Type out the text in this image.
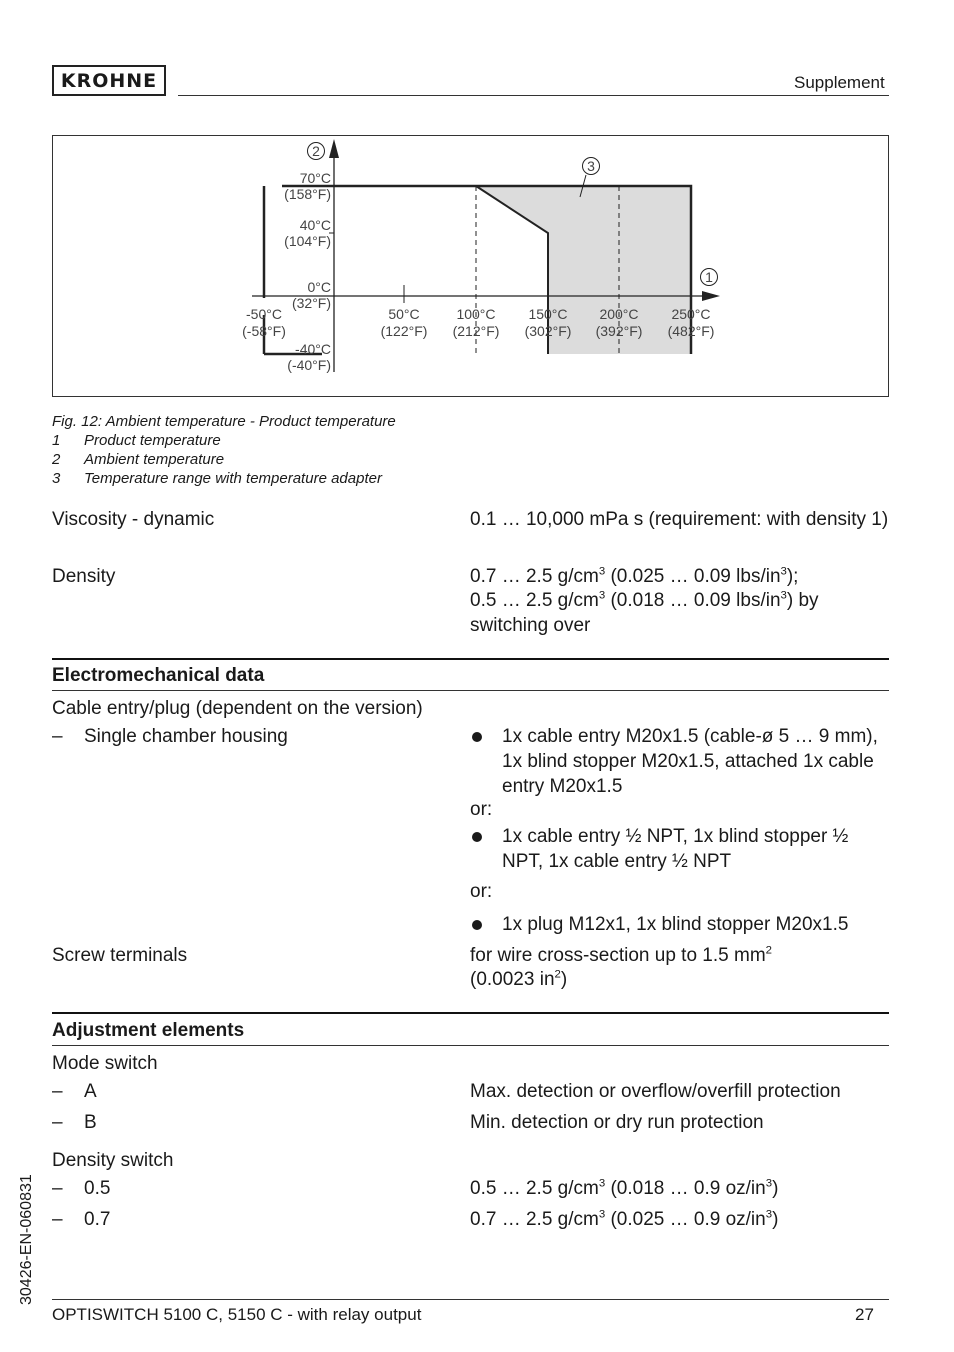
KROHNE	Supplement
2
3
1
70°C
(158°F)
40°C
(104°F)
0°C
(32°F)
-40°C
(-40°F)
-50°C
(-58°F)
50°C
(122°F)
100°C
(212°F)
150°C
(302°F)
200°C
(392°F)
250°C
(482°F)
Fig. 12: Ambient temperature - Product temperature
1 Product temperature
2 Ambient temperature
3 Temperature range with temperature adapter
Viscosity - dynamic	0.1 … 10,000 mPa s (requirement: with density 1)
Density	0.7 … 2.5 $g/cm^3$ (0.025 … 0.09 lbs/$in^3$);
0.5 … 2.5 $g/cm^3$ (0.018 … 0.09 lbs/$in^3$) by
switching over
Electromechanical data
Cable entry/plug (dependent on the version)
– Single chamber housing	1x cable entry M20x1.5 (cable-ø 5 … 9 mm), 1x blind stopper M20x1.5, attached 1x cable entry M20x1.5
or:
1x cable entry ½ NPT, 1x blind stopper ½ NPT, 1x cable entry ½ NPT
or:
1x plug M12x1, 1x blind stopper M20x1.5
Screw terminals	for wire cross-section up to 1.5 $mm^2$
(0.0023 $in^2$)
Adjustment elements
Mode switch
– A	Max. detection or overflow/overfill protection
– B	Min. detection or dry run protection
Density switch
– 0.5	0.5 … 2.5 $g/cm^3$ (0.018 … 0.9 $oz/in^3$)
– 0.7	0.7 … 2.5 $g/cm^3$ (0.025 … 0.9 $oz/in^3$)
30426-EN-060831
OPTISWITCH 5100 C, 5150 C - with relay output	27
